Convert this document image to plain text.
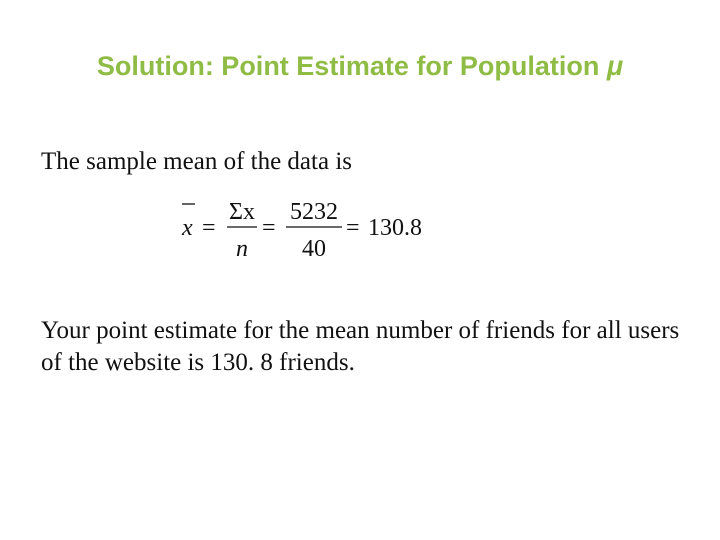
Solution: Point Estimate for Population μ
The sample mean of the data is
x =
Σx
n
=
5232
40
= 130.8
Your point estimate for the mean number of friends for all users of the website is 130. 8 friends.
